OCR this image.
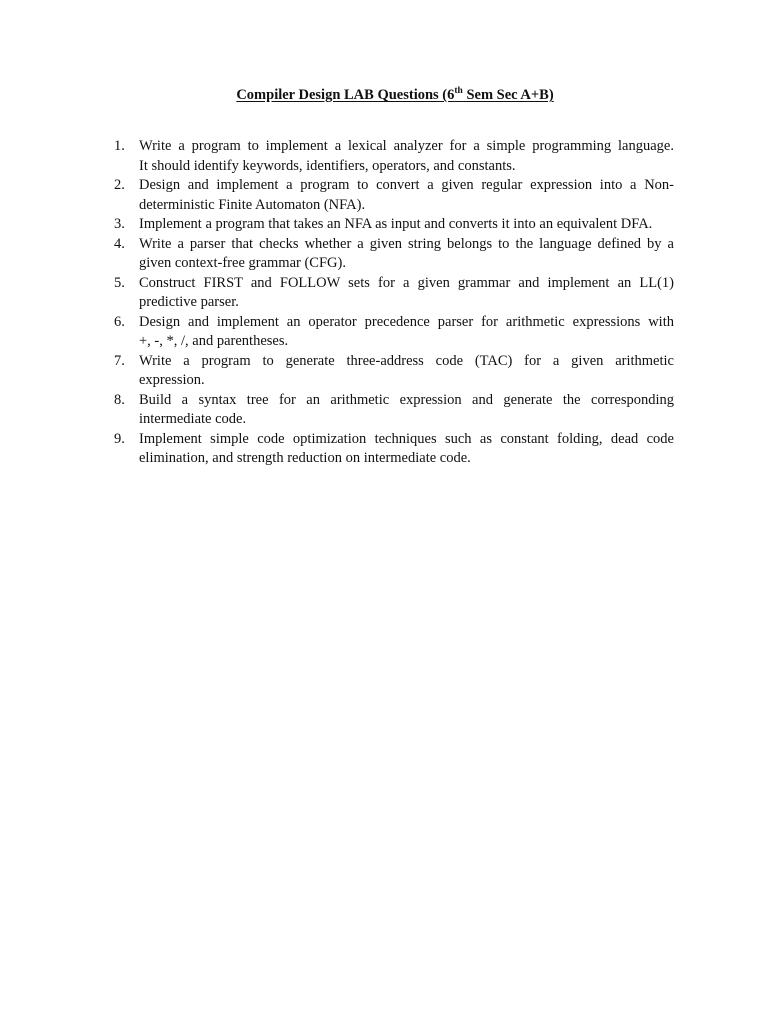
Compiler Design LAB Questions (6th Sem Sec A+B)
1. Write a program to implement a lexical analyzer for a simple programming language.
It should identify keywords, identifiers, operators, and constants.
2. Design and implement a program to convert a given regular expression into a Non-
deterministic Finite Automaton (NFA).
3. Implement a program that takes an NFA as input and converts it into an equivalent DFA.
4. Write a parser that checks whether a given string belongs to the language defined by a
given context-free grammar (CFG).
5. Construct FIRST and FOLLOW sets for a given grammar and implement an LL(1)
predictive parser.
6. Design and implement an operator precedence parser for arithmetic expressions with
+, -, *, /, and parentheses.
7. Write a program to generate three-address code (TAC) for a given arithmetic
expression.
8. Build a syntax tree for an arithmetic expression and generate the corresponding
intermediate code.
9. Implement simple code optimization techniques such as constant folding, dead code
elimination, and strength reduction on intermediate code.
